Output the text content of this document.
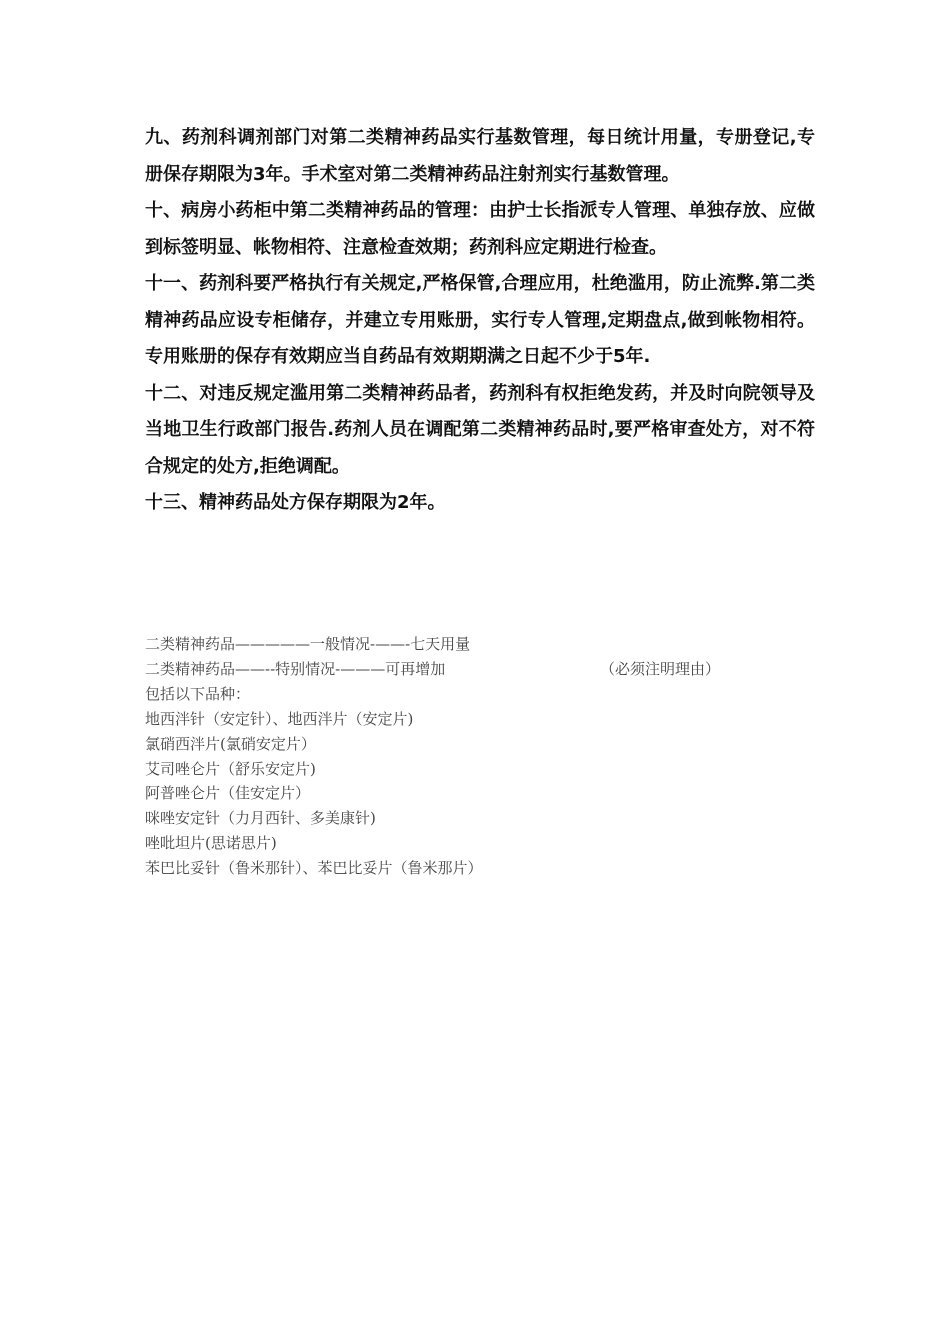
九、药剂科调剂部门对第二类精神药品实行基数管理，每日统计用量，专册登记,专册保存期限为3年。手术室对第二类精神药品注射剂实行基数管理。

十、病房小药柜中第二类精神药品的管理：由护士长指派专人管理、单独存放、应做到标签明显、帐物相符、注意检查效期；药剂科应定期进行检查。

十一、药剂科要严格执行有关规定,严格保管,合理应用，杜绝滥用，防止流弊.第二类精神药品应设专柜储存，并建立专用账册，实行专人管理,定期盘点,做到帐物相符。专用账册的保存有效期应当自药品有效期期满之日起不少于5年.

十二、对违反规定滥用第二类精神药品者，药剂科有权拒绝发药，并及时向院领导及当地卫生行政部门报告.药剂人员在调配第二类精神药品时,要严格审查处方，对不符合规定的处方,拒绝调配。

十三、精神药品处方保存期限为2年。

二类精神药品—————一般情况-——-七天用量

二类精神药品——--特别情况-———可再增加	（必须注明理由）

包括以下品种：

地西泮针（安定针）、地西泮片（安定片)

氯硝西泮片(氯硝安定片）

艾司唑仑片（舒乐安定片)

阿普唑仑片（佳安定片）

咪唑安定针（力月西针、多美康针)

唑吡坦片(思诺思片)

苯巴比妥针（鲁米那针）、苯巴比妥片（鲁米那片）
